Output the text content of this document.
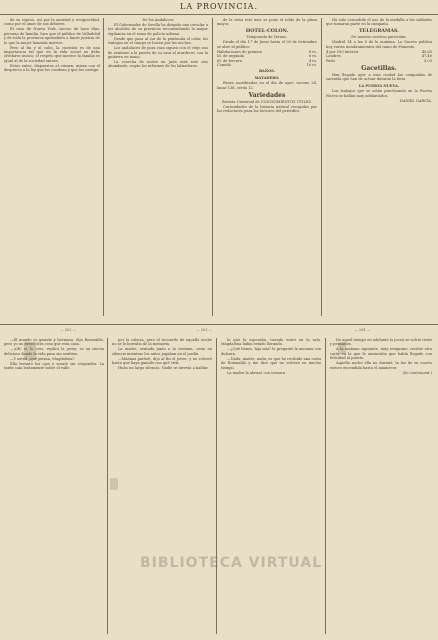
LA PROVINCIA.

de su esposo, así por la amistad y reciprocidad, como por el amor de sus deberes.

El caso de Nueva York, suceso de hace días, persona de familia, hizo que el público de Valladolid y de toda la provincia aprendiera a hacer justicia de lo que la mujer honrada merece.

Pero al fin y al cabo, la cuestión es de una importancia tal que en la vida social no debe olvidarse nunca; el respeto que merece la familia es igual al de la sociedad entera.

Estos entes, dispuestos al crimen, miran con el desprecio a la ley que los condena y que los castiga.

De los Andaluces

El Gobernador de Sevilla ha dirigido una circular a los alcaldes de su provincia recomendando la mayor vigilancia en el ramo de policía urbana.

Desde que pasa al sur de la península el calor, los trabajos en el campo se hacen por las noches.

Los andaluces de pura raza siguen con el viejo uso de sentarse a la puerta de su casa al atardecer, con la guitarra en mano.

La cosecha de aceite en Jaén será este año abundante, según los informes de los labradores.

de la vista este mes se pone el toldo de la plaza mayor.

HOTEL-COLON.

Temporada de Verano.

Desde el día 1.º de Junio hasta el 30 de Setiembre se abre al público.

Habitaciones de primera	8 rs.
Id. de segunda	6 rs.
Id. de tercera	4 rs.
Comida	10 rs.
BAÑOS.
MATADERO.

Reses sacrificadas en el día de ayer: vacuno 24, lanar 138, cerda 12.

Variedades

Revista Universal de CONOCIMIENTOS ÚTILES.

Curiosidades de la historia natural recogidas por los redactores para los lectores del periódico.

Ha sido concedido el uso de la medalla a los soldados que tomaron parte en la campaña.

TELEGRAMAS.

De nuestro servicio particular.

Madrid 14 a las 8 de la mañana. La Gaceta publica hoy varios nombramientos del ramo de Fomento.

4 por 100 interior	40,65
Londres	47,40
París	5,03
Gacetillas.

Han llegado ayer a esta ciudad las compañías de zarzuela que han de actuar durante la feria.

LA PUERTA NUEVA.

Los trabajos que se están practicando en la Puerta Nueva se hallan muy adelantados.

DANIEL GARCÍA.

— 202 —	— 203 —	— 204 —

—El mundo es grande y hermoso, dijo Romualdo, pero yo no deseo otra cosa que esta casa.

—¡Oh! sí, lo creo, replicó la joven; es un rincón delicioso donde la vida pasa sin sentirse.

—Y usted ¿qué piensa, Magdalena?

Ella levantó los ojos y sonrió sin responder. La tarde caía lentamente sobre el valle.

por la cabeza, pero el recuerdo de aquella noche no se le borraba de la memoria.

La madre, sentada junto a la ventana, cosía en silencio mientras los niños jugaban en el jardín.

—Mañana partiré, dijo al fin el joven, y no volveré hasta que haya ganado con qué vivir.

Hubo un largo silencio. Nadie se atrevía a hablar.

lo que la esperaba, cuando entró en la sala. Magdalena había estado llorando.

—¿Qué tienes, hija mía? le preguntó la anciana con dulzura.

—Nada, madre, nada; es que he recibido una carta de Romualdo y me dice que no volverá en mucho tiempo.

La madre la abrazó con ternura.

De aquel tiempo en adelante la joven se volvió triste y pensativa.

A la mañana siguiente, muy temprano, recibió otra carta en la que le anunciaba que había llegado con felicidad al puerto.

Aquella noche ella no durmió; la luz de su cuarto estuvo encendida hasta el amanecer.

(Se continuará.)

BIBLIOTECA VIRTUAL
